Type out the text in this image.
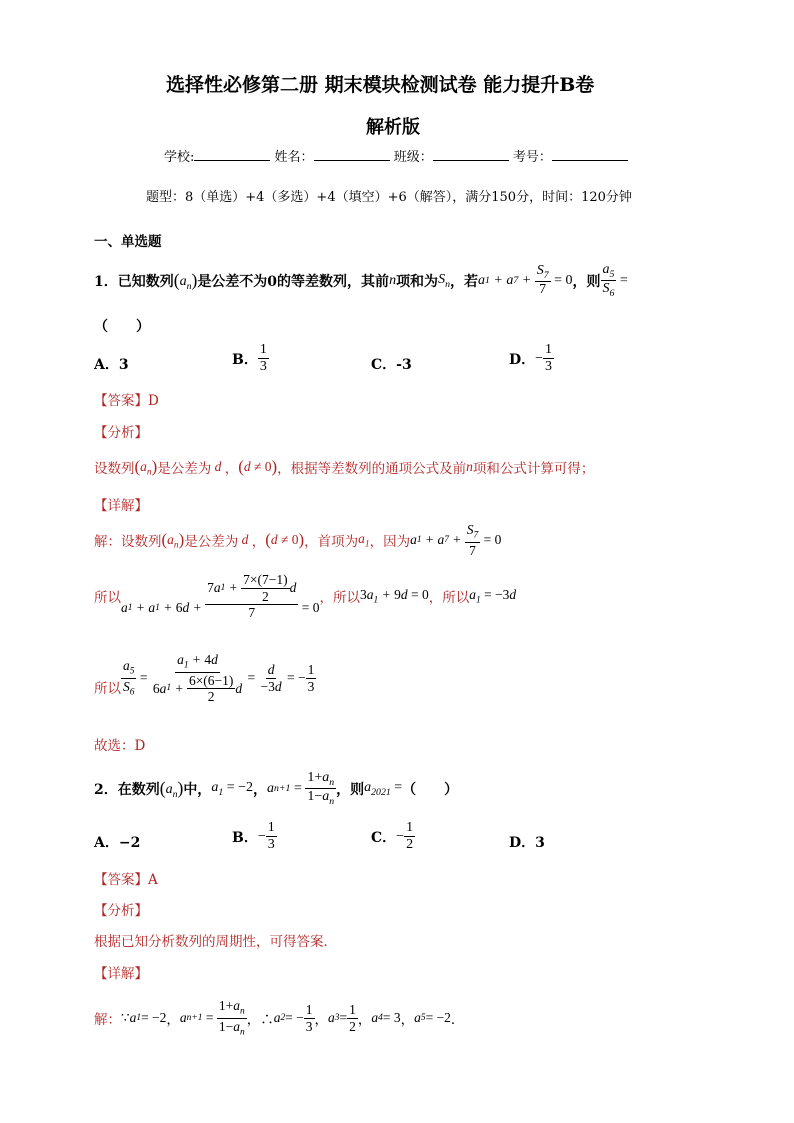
选择性必修第二册 期末模块检测试卷 能力提升B卷
解析版
学校:	姓名：	班级：	考号：
题型：8（单选）+4（多选）+4（填空）+6（解答），满分150分，时间：120分钟
一、单选题
1．已知数列 $(a_n)$ 是公差不为0的等差数列，其前 n 项和为 $S_n$ ，若 a 1 + a $7 + \frac{S_7}{7}$
= 0 ，则 $\frac{a_5}{S_6}$
=
（　　）
A．3	B． $\frac{1}{3}$	C．-3	D． − $\frac{1}{3}$
【答案】D
【分析】
设数列 $(a_n)$ 是公差为 d ， (d ≠ 0) ，根据等差数列的通项公式及前 n 项和公式计算可得；
【详解】
解：设数列 $(a_n)$ 是公差为 d ， (d ≠ 0) ，首项为 $a_1$ ，因为 a 1 + a $7 + \frac{S_7}{7}$
= 0
所以
a 1 + a 1 + 6 $d + \frac{7 a 1 + \frac{7\times(7-1)}{2} d}{7} = 0$
，所以 $3a_1 + 9d = 0$ ，所以 $a_1 = -3d$
所以 $\frac{a_5}{S_6}$
=
$\frac{a_1 + 4d}{6 a 1 + \frac{6\times(6-1)}{2} d}$
=
$\frac{d}{-3d}$
= − $\frac{1}{3}$
故选：D
2．在数列 $(a_n)$ 中， $a_1 = -2$ ， a n+1
=
$\frac{1+a_n}{1-a_n}$ ，则 $a_{2021}$ = （　　）
A．−2	B． − $\frac{1}{3}$	C． − $\frac{1}{2}$	D．3
【答案】A
【分析】
根据已知分析数列的周期性，可得答案．
【详解】
解： ∵ a 1 = −2 ， a n+1
=
$\frac{1+a_n}{1-a_n}$ ，∴ a 2 = − $\frac{1}{3}$ ， a $3 = \frac{1}{2}$ ， a 4 = 3 ， a 5 = −2 ．
